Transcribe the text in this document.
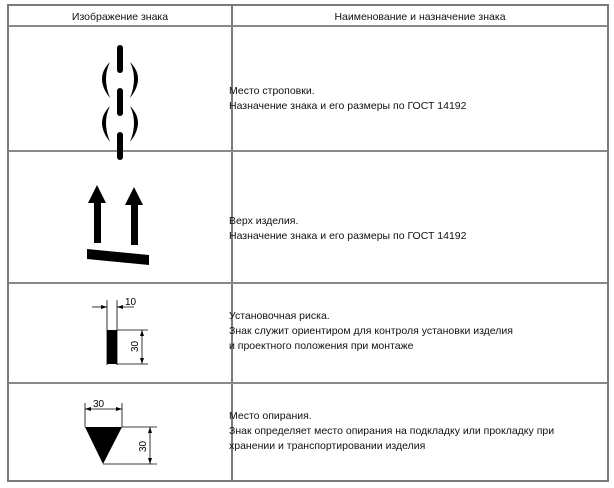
Изображение знака	Наименование и назначение знака
Место строповки.
Назначение знака и его размеры по ГОСТ 14192
Верх изделия.
Назначение знака и его размеры по ГОСТ 14192
10
30
Установочная риска.
Знак служит ориентиром для контроля установки изделия
и проектного положения при монтаже
30
30
Место опирания.
Знак определяет место опирания на подкладку или прокладку при
хранении и транспортировании изделия
